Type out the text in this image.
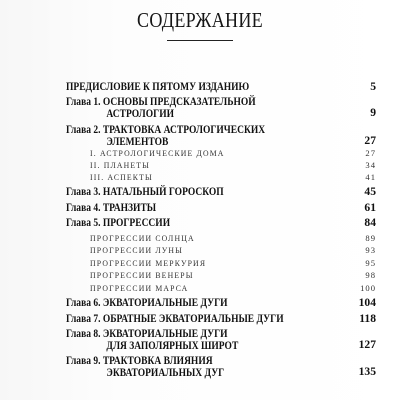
СОДЕРЖАНИЕ
ПРЕДИСЛОВИЕ К ПЯТОМУ ИЗДАНИЮ	5
Глава 1. ОСНОВЫ ПРЕДСКАЗАТЕЛЬНОЙ
АСТРОЛОГИИ	9
Глава 2. ТРАКТОВКА АСТРОЛОГИЧЕСКИХ
ЭЛЕМЕНТОВ	27
I. АСТРОЛОГИЧЕСКИЕ ДОМА	27
II. ПЛАНЕТЫ	34
III. АСПЕКТЫ	41
Глава 3. НАТАЛЬНЫЙ ГОРОСКОП	45
Глава 4. ТРАНЗИТЫ	61
Глава 5. ПРОГРЕССИИ	84
ПРОГРЕССИИ СОЛНЦА	89
ПРОГРЕССИИ ЛУНЫ	93
ПРОГРЕССИИ МЕРКУРИЯ	95
ПРОГРЕССИИ ВЕНЕРЫ	98
ПРОГРЕССИИ МАРСА	100
Глава 6. ЭКВАТОРИАЛЬНЫЕ ДУГИ	104
Глава 7. ОБРАТНЫЕ ЭКВАТОРИАЛЬНЫЕ ДУГИ	118
Глава 8. ЭКВАТОРИАЛЬНЫЕ ДУГИ
ДЛЯ ЗАПОЛЯРНЫХ ШИРОТ	127
Глава 9. ТРАКТОВКА ВЛИЯНИЯ
ЭКВАТОРИАЛЬНЫХ ДУГ	135
